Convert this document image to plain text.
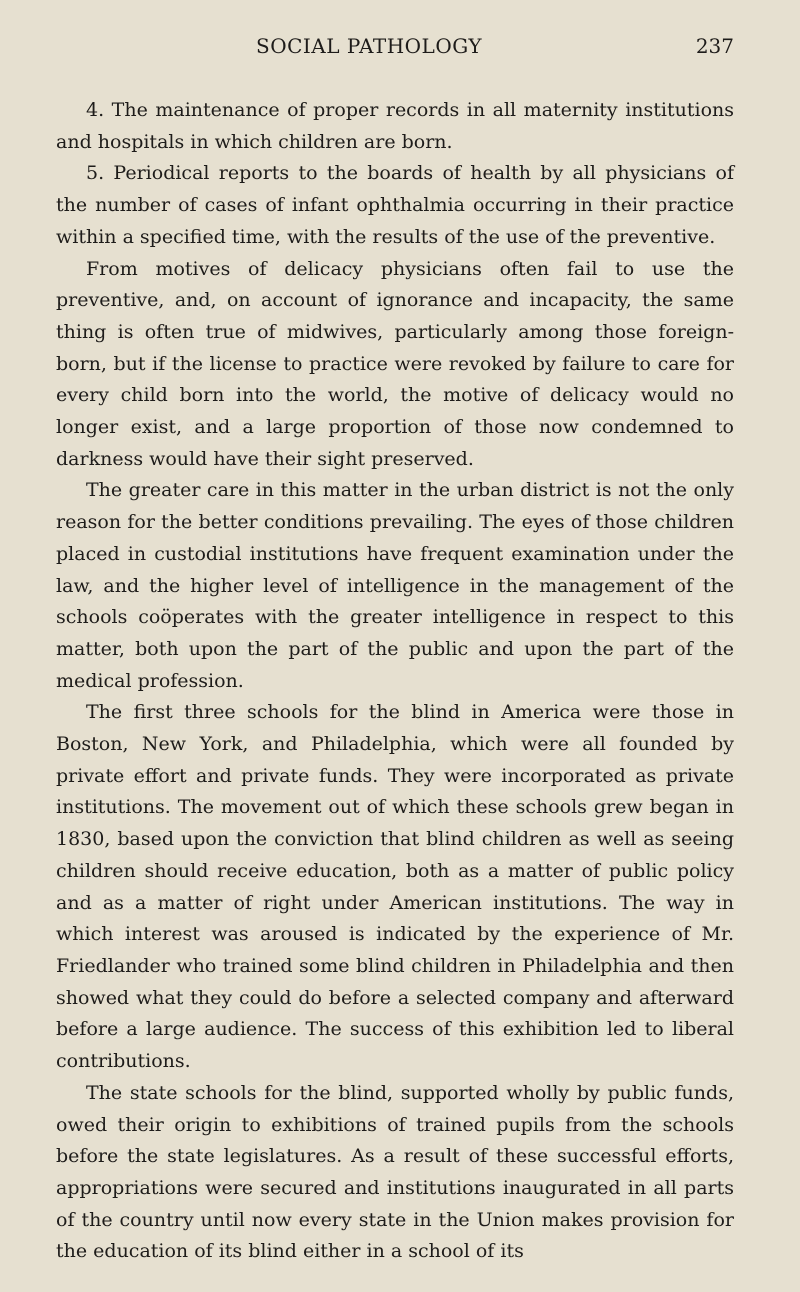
SOCIAL PATHOLOGY	237

4. The maintenance of proper records in all maternity institutions and hospitals in which children are born.

5. Periodical reports to the boards of health by all physicians of the number of cases of infant ophthalmia occurring in their practice within a specified time, with the results of the use of the preventive.

From motives of delicacy physicians often fail to use the preventive, and, on account of ignorance and incapacity, the same thing is often true of midwives, particularly among those foreign-born, but if the license to practice were revoked by failure to care for every child born into the world, the motive of delicacy would no longer exist, and a large proportion of those now condemned to darkness would have their sight preserved.

The greater care in this matter in the urban district is not the only reason for the better conditions prevailing. The eyes of those children placed in custodial institutions have frequent examination under the law, and the higher level of intelligence in the management of the schools coöperates with the greater intelligence in respect to this matter, both upon the part of the public and upon the part of the medical profession.

The first three schools for the blind in America were those in Boston, New York, and Philadelphia, which were all founded by private effort and private funds. They were incorporated as private institutions. The movement out of which these schools grew began in 1830, based upon the conviction that blind children as well as seeing children should receive education, both as a matter of public policy and as a matter of right under American institutions. The way in which interest was aroused is indicated by the experience of Mr. Friedlander who trained some blind children in Philadelphia and then showed what they could do before a selected company and afterward before a large audience. The success of this exhibition led to liberal contributions.

The state schools for the blind, supported wholly by public funds, owed their origin to exhibitions of trained pupils from the schools before the state legislatures. As a result of these successful efforts, appropriations were secured and institutions inaugurated in all parts of the country until now every state in the Union makes provision for the education of its blind either in a school of its
